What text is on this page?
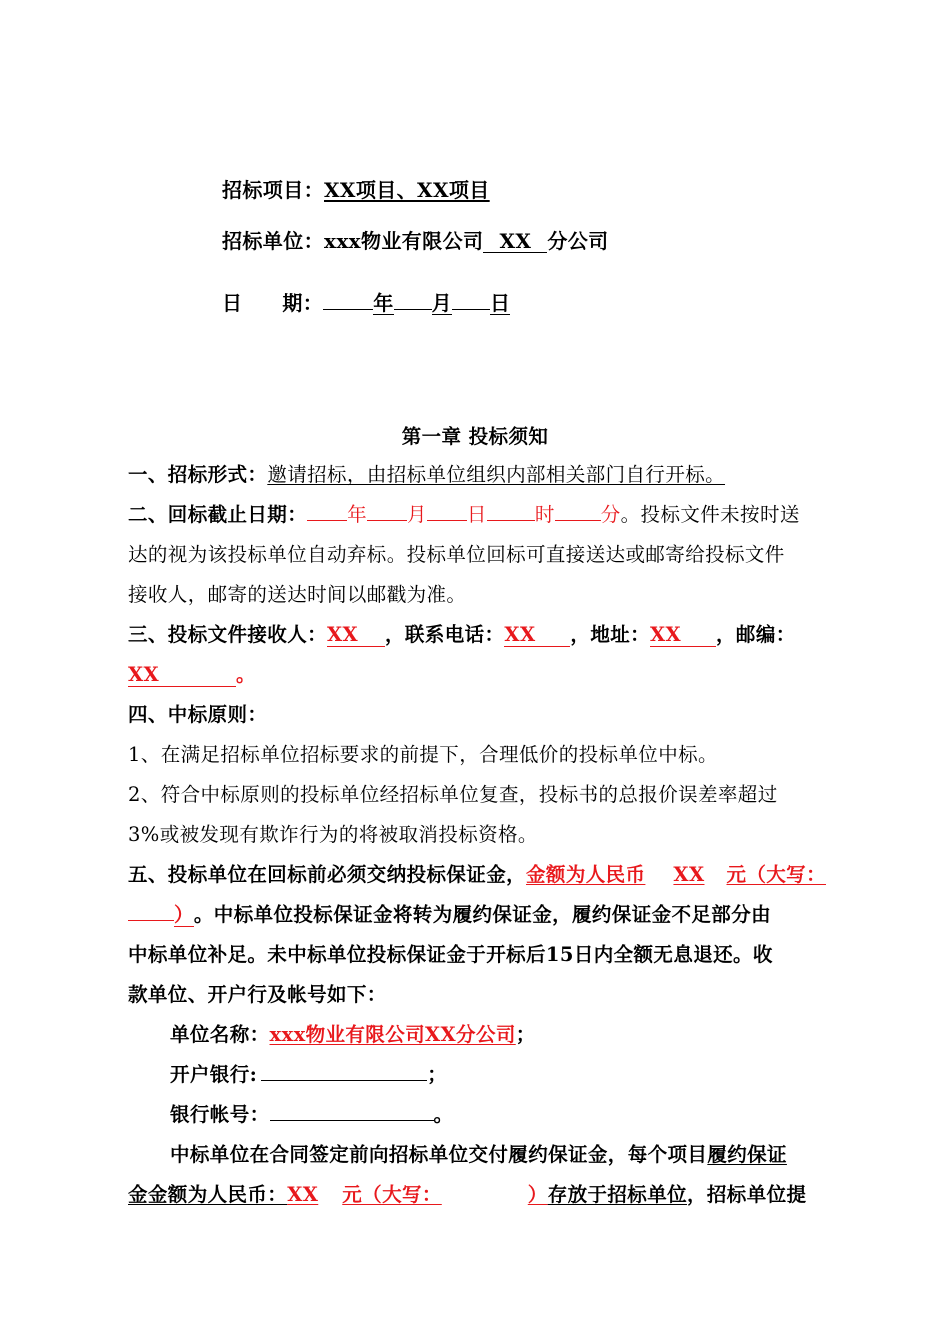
招标项目：XX项目、XX项目
招标单位：xxx物业有限公司 XX 分公司
日 期：	年 月 日
第一章 投标须知
一、招标形式：邀请招标，由招标单位组织内部相关部门自行开标。
二、回标截止日期： 年 月 日 时 分。投标文件未按时送
达的视为该投标单位自动弃标。投标单位回标可直接送达或邮寄给投标文件
接收人，邮寄的送达时间以邮戳为准。
三、投标文件接收人：XX ，联系电话：XX ，地址：XX ，邮编：
XX	。
四、中标原则：
1、在满足招标单位招标要求的前提下，合理低价的投标单位中标。
2、符合中标原则的投标单位经招标单位复查，投标书的总报价误差率超过
3%或被发现有欺诈行为的将被取消投标资格。
五、投标单位在回标前必须交纳投标保证金，金额为人民币 XX 元（大写：
）。中标单位投标保证金将转为履约保证金，履约保证金不足部分由
中标单位补足。未中标单位投标保证金于开标后15日内全额无息退还。收
款单位、开户行及帐号如下：
单位名称：xxx物业有限公司XX分公司；
开户银行:	；
银行帐号：	。
中标单位在合同签定前向招标单位交付履约保证金，每个项目履约保证
金金额为人民币：XX 元（大写：	）存放于招标单位，招标单位提
